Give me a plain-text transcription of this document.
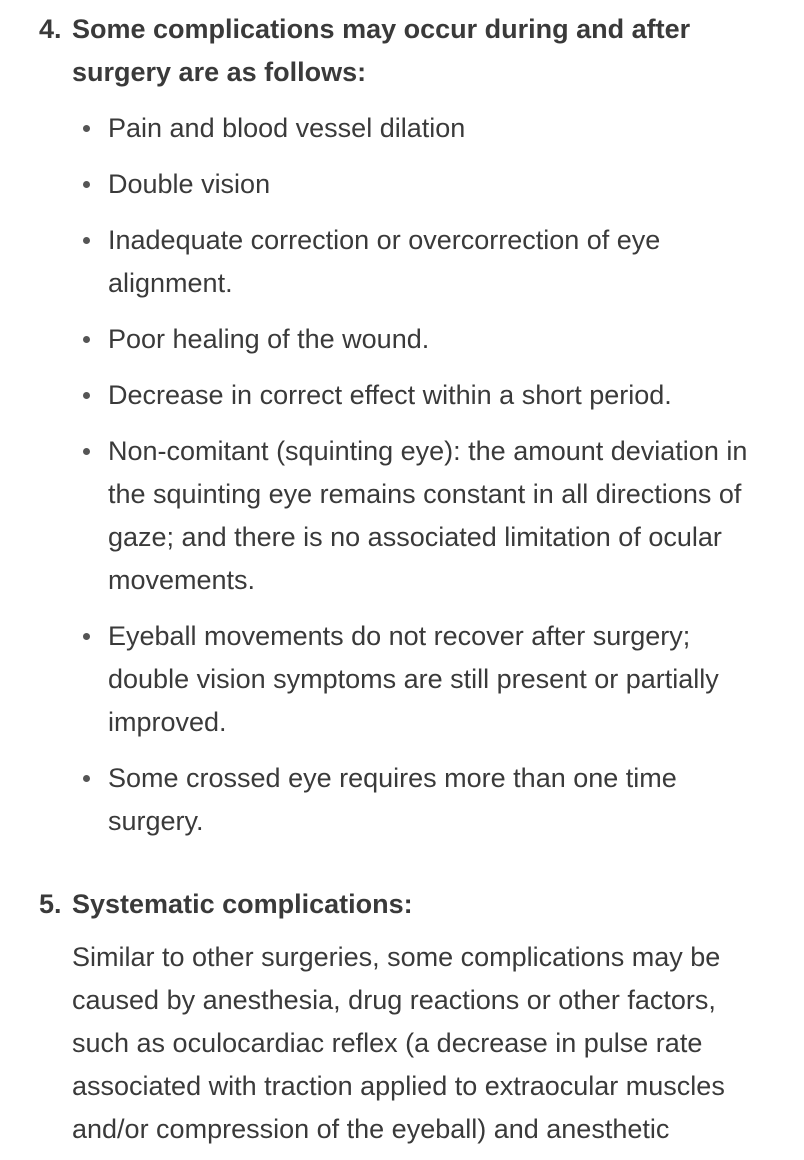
4. Some complications may occur during and after surgery are as follows:
Pain and blood vessel dilation
Double vision
Inadequate correction or overcorrection of eye alignment.
Poor healing of the wound.
Decrease in correct effect within a short period.
Non-comitant (squinting eye): the amount deviation in the squinting eye remains constant in all directions of gaze; and there is no associated limitation of ocular movements.
Eyeball movements do not recover after surgery; double vision symptoms are still present or partially improved.
Some crossed eye requires more than one time surgery.
5. Systematic complications:
Similar to other surgeries, some complications may be caused by anesthesia, drug reactions or other factors, such as oculocardiac reflex (a decrease in pulse rate associated with traction applied to extraocular muscles and/or compression of the eyeball) and anesthetic
